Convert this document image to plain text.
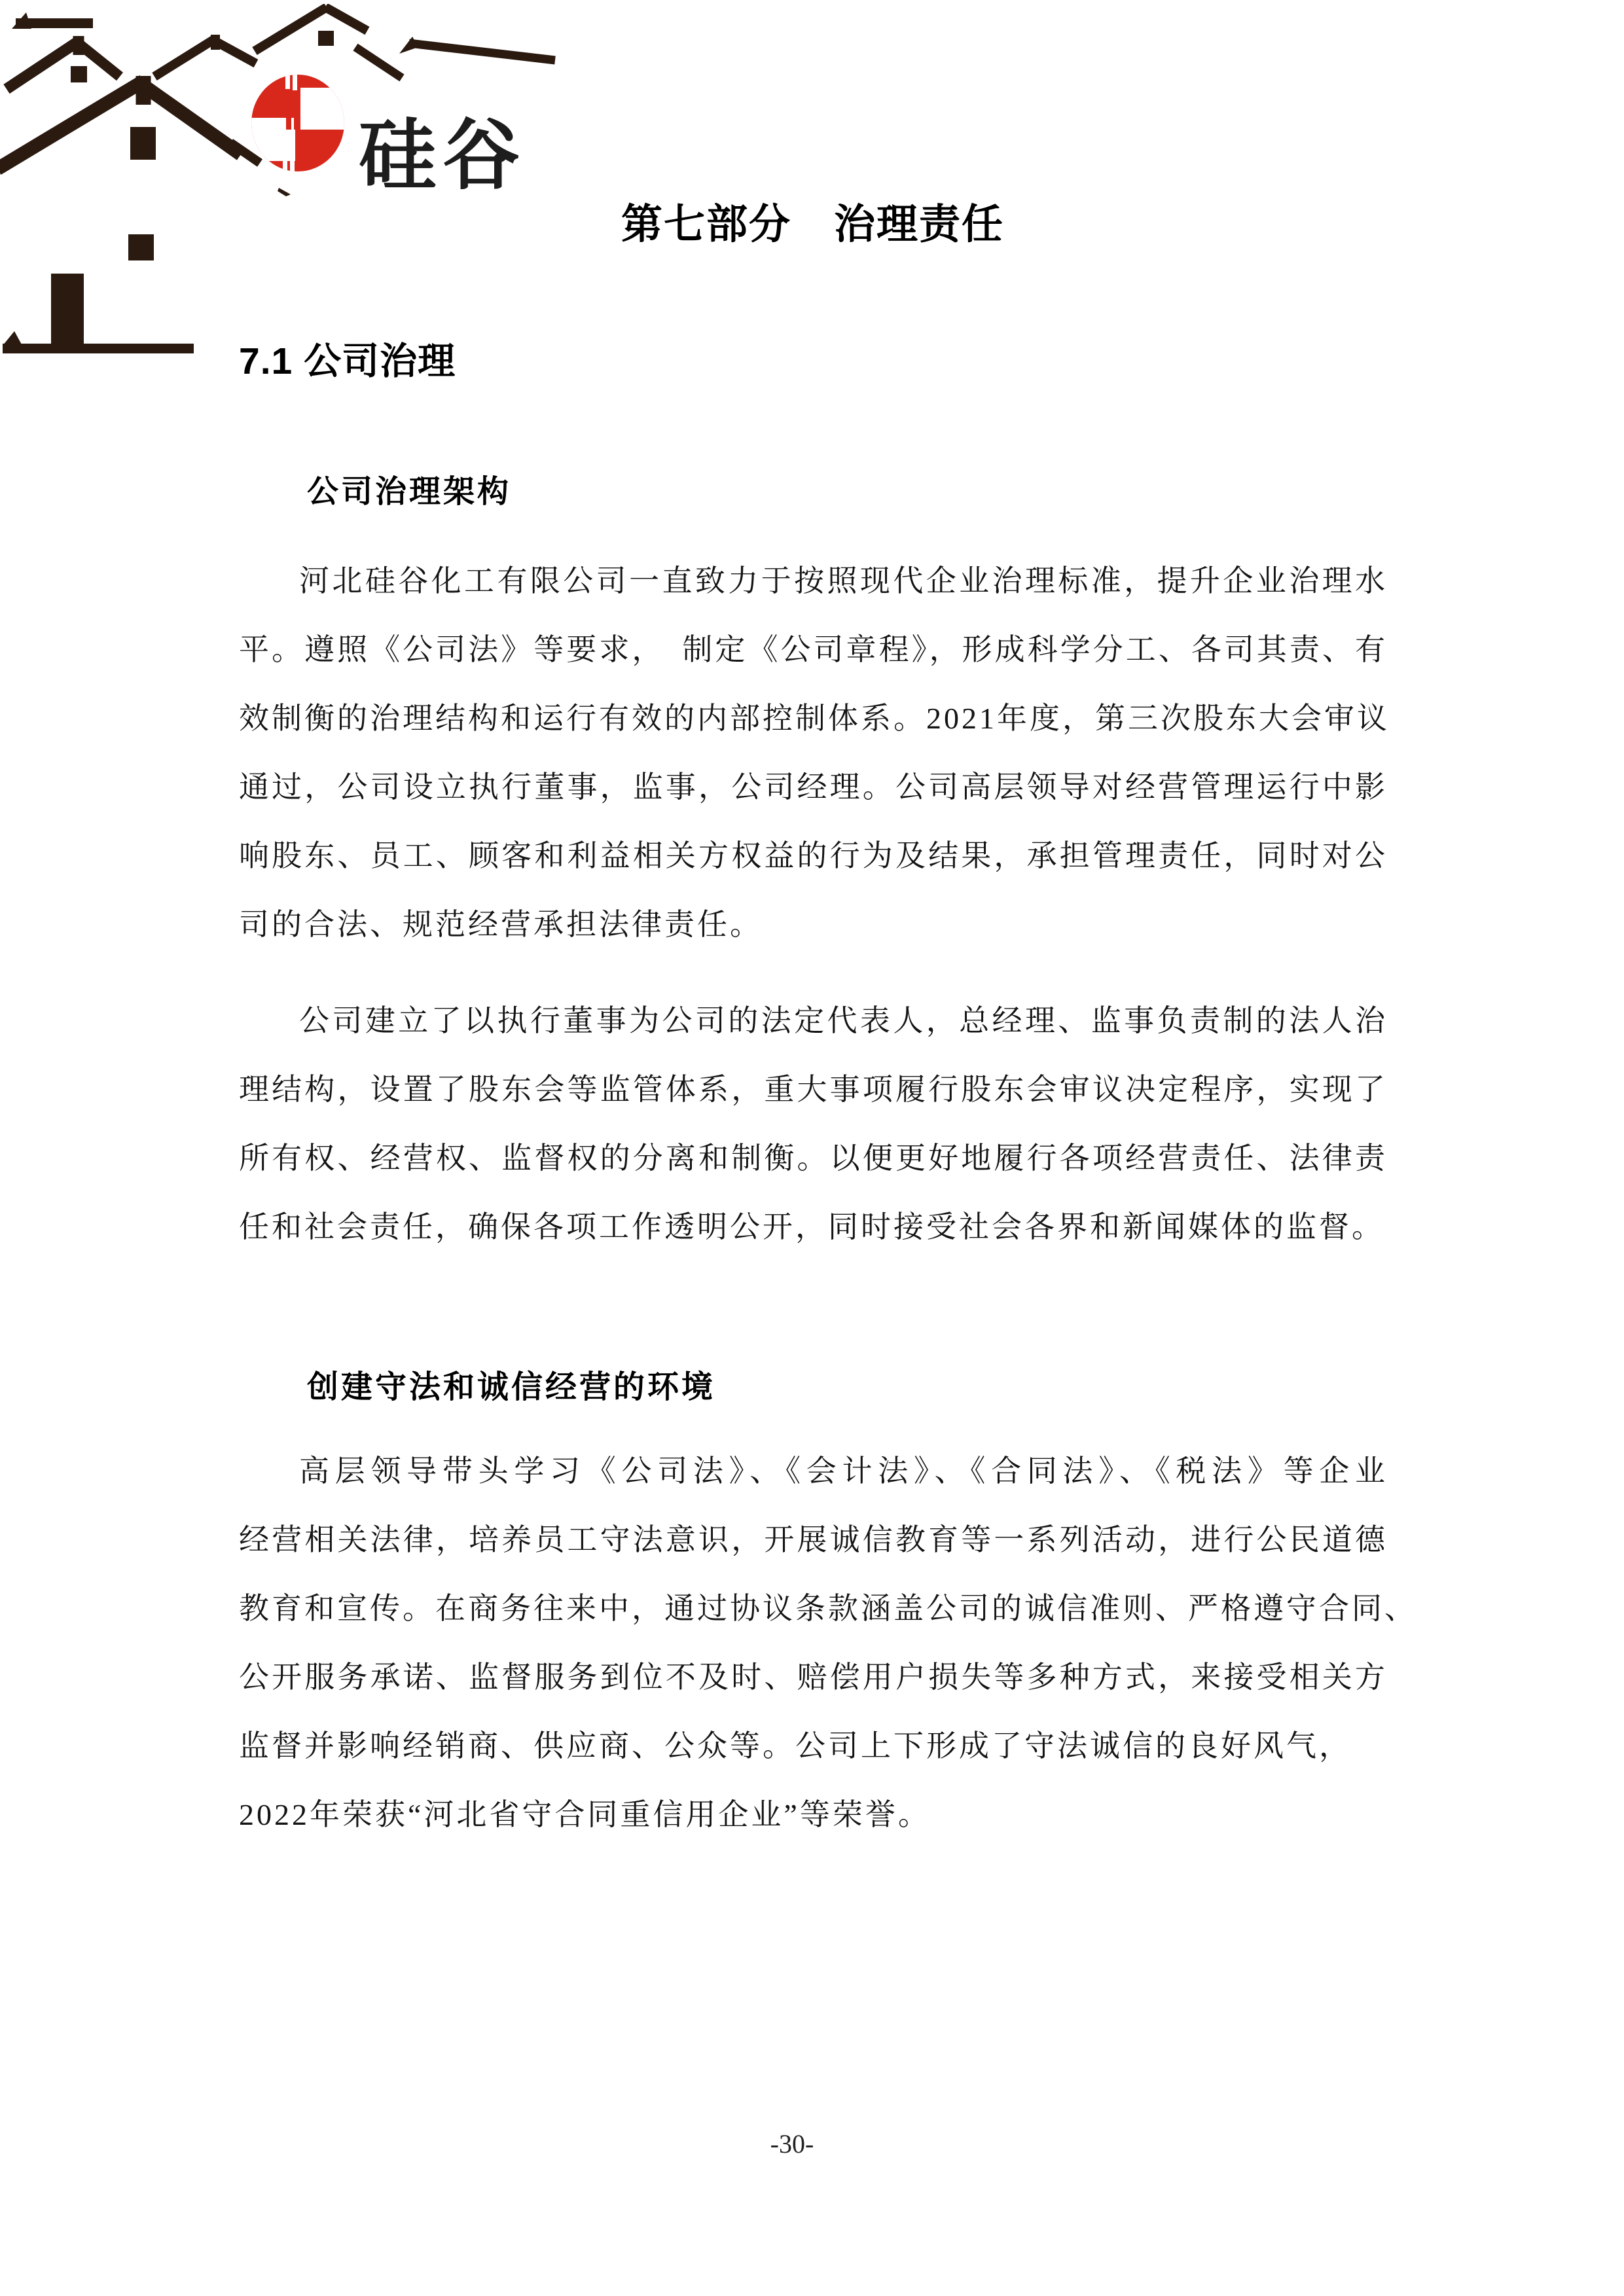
硅谷
第七部分　治理责任
7.1 公司治理
公司治理架构
河北硅谷化工有限公司一直致力于按照现代企业治理标准，提升企业治理水
平。遵照《公司法》等要求，　制定《公司章程》，形成科学分工、各司其责、有
效制衡的治理结构和运行有效的内部控制体系。2021年度，第三次股东大会审议
通过，公司设立执行董事，监事，公司经理。公司高层领导对经营管理运行中影
响股东、员工、顾客和利益相关方权益的行为及结果，承担管理责任，同时对公
司的合法、规范经营承担法律责任。
公司建立了以执行董事为公司的法定代表人，总经理、监事负责制的法人治
理结构，设置了股东会等监管体系，重大事项履行股东会审议决定程序，实现了
所有权、经营权、监督权的分离和制衡。以便更好地履行各项经营责任、法律责
任和社会责任，确保各项工作透明公开，同时接受社会各界和新闻媒体的监督。
创建守法和诚信经营的环境
高层领导带头学习《公司法》、《会计法》、《合同法》、《税法》等企业
经营相关法律，培养员工守法意识，开展诚信教育等一系列活动，进行公民道德
教育和宣传。在商务往来中，通过协议条款涵盖公司的诚信准则、严格遵守合同、
公开服务承诺、监督服务到位不及时、赔偿用户损失等多种方式，来接受相关方
监督并影响经销商、供应商、公众等。公司上下形成了守法诚信的良好风气，
2022年荣获“河北省守合同重信用企业”等荣誉。
-30-
